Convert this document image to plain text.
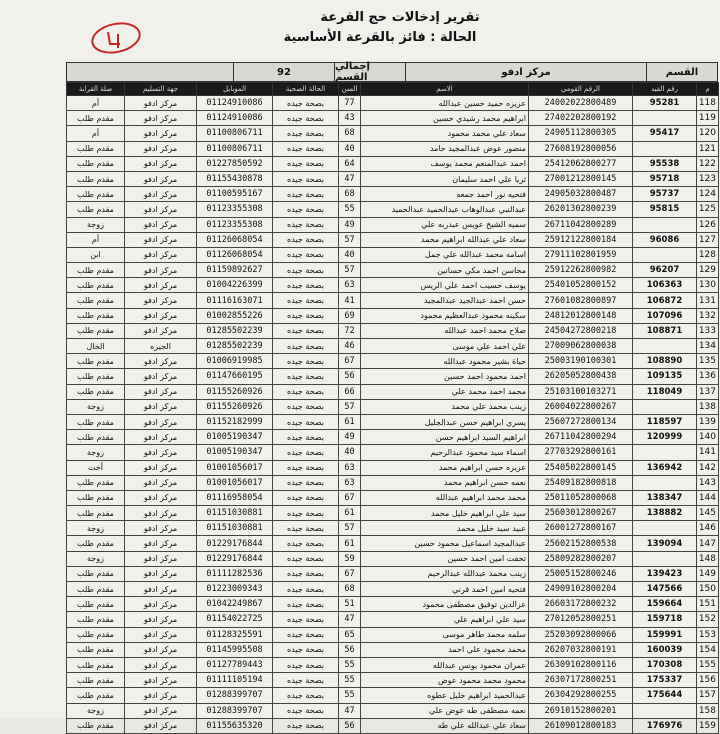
تقرير إدخالات حج القرعة
الحالة : فائز بالقرعة الأساسية
القسم
مركز ادفو
إجمالي القسم
92
م	رقم القيد	الرقم القومي	الاسم	السن	الحالة الصحية	الموبايل	جهة التسليم	صلة القرابة
118	95281	24002022800489	عزيزه حميد حسين عبدالله	77	بصحة جيده	01124910086	مركز ادفو	أم
119		27402202800192	ابراهيم محمد رشيدي حسين	43	بصحة جيده	01124910086	مركز ادفو	مقدم طلب
120	95417	24905112800305	سعاد علي محمد محمود	68	بصحة جيده	01100806711	مركز ادفو	أم
121		27608192800056	منصور عوض عبدالمجيد حامد	40	بصحة جيده	01100806711	مركز ادفو	مقدم طلب
122	95538	25412062800277	احمد عبدالمنعم محمد يوسف	64	بصحة جيده	01227850592	مركز ادفو	مقدم طلب
123	95718	27001212800145	ثريا علي احمد سليمان	47	بصحة جيده	01155430878	مركز ادفو	مقدم طلب
124	95737	24905032800487	فتحيه نور احمد جمعه	68	بصحة جيده	01100595167	مركز ادفو	مقدم طلب
125	95815	26201302800239	عبدالنبي عبدالوهاب عبدالحميد عبدالحميد	55	بصحة جيده	01123355308	مركز ادفو	مقدم طلب
126		26711042800289	سميه الشيخ عويس عبدربه علي	49	بصحة جيده	01123355308	مركز ادفو	زوجة
127	96086	25912122800184	سعاد علي عبدالله ابراهيم محمد	57	بصحة جيده	01126068054	مركز ادفو	أم
128		27911102801959	اسامه محمد عبدالله علي جمل	40	بصحة جيده	01126068054	مركز ادفو	ابن
129	96207	25912262800982	محاسن احمد مكي حسانين	57	بصحة جيده	01159892627	مركز ادفو	مقدم طلب
130	106363	25401052800152	يوسف حسيب احمد علي الريس	63	بصحة جيده	01004226399	مركز ادفو	مقدم طلب
131	106872	27601082800897	حسن احمد عبدالجيد عبدالمجيد	41	بصحة جيده	01116163071	مركز ادفو	مقدم طلب
132	107096	24812012800148	سكينه محمود عبدالعظيم محمود	69	بصحة جيده	01002855226	مركز ادفو	مقدم طلب
133	108871	24504272800218	صلاح محمد احمد عبدالله	72	بصحة جيده	01285502239	مركز ادفو	مقدم طلب
134		27009062800038	علي احمد علي موسى	46	بصحة جيده	01285502239	الجيزه	الخال
135	108890	25003190100301	حياة بشير محمود عبدالله	67	بصحة جيده	01006919985	مركز ادفو	مقدم طلب
136	109135	26205052800438	احمد محمود احمد حسين	56	بصحة جيده	01147660195	مركز ادفو	مقدم طلب
137	118049	25103100103271	محمد احمد محمد علي	66	بصحة جيده	01155260926	مركز ادفو	مقدم طلب
138		26004022800267	زينب محمد علي محمد	57	بصحة جيده	01155260926	مركز ادفو	زوجة
139	118597	25607272800134	يسري ابراهيم حسن عبدالجليل	61	بصحة جيده	01152182999	مركز ادفو	مقدم طلب
140	120999	26711042800294	ابراهيم السيد ابراهيم حسن	49	بصحة جيده	01005190347	مركز ادفو	مقدم طلب
141		27703292800161	اسماء سيد محمود عبدالرحيم	40	بصحة جيده	01005190347	مركز ادفو	زوجة
142	136942	25405022800145	عزيزه حسن ابراهيم محمد	63	بصحة جيده	01001056017	مركز ادفو	أخت
143		25409182800818	نعمه حسن ابراهيم محمد	63	بصحة جيده	01001056017	مركز ادفو	مقدم طلب
144	138347	25011052800068	محمد محمد ابراهيم عبدالله	67	بصحة جيده	01116958054	مركز ادفو	مقدم طلب
145	138882	25603012800267	سيد علي ابراهيم خليل محمد	61	بصحة جيده	01151030881	مركز ادفو	مقدم طلب
146		26001272800167	عبيد سيد خليل محمد	57	بصحة جيده	01151030881	مركز ادفو	زوجة
147	139094	25602152800538	عبدالمجيد اسماعيل محمود حسين	61	بصحة جيده	01229176844	مركز ادفو	مقدم طلب
148		25809282800207	تحفت امين احمد حسين	59	بصحة جيده	01229176844	مركز ادفو	زوجة
149	139423	25005152800246	زينب محمد عبدالله عبدالرحيم	67	بصحة جيده	01111282536	مركز ادفو	مقدم طلب
150	147566	24909102800204	فتحيه امين احمد قرني	68	بصحة جيده	01223009343	مركز ادفو	مقدم طلب
151	159664	26603172800232	عزالدين توفيق مصطفى محمود	51	بصحة جيده	01042249867	مركز ادفو	مقدم طلب
152	159718	27012052800251	سيد علي ابراهيم علي	47	بصحة جيده	01154022725	مركز ادفو	مقدم طلب
153	159991	25203092800066	سلمه محمد طاهر موسى	65	بصحة جيده	01128325591	مركز ادفو	مقدم طلب
154	160039	26207032800191	محمد محمود علي احمد	56	بصحة جيده	01145995508	مركز ادفو	مقدم طلب
155	170308	26309102800116	عمران محمود يونس عبدالله	55	بصحة جيده	01127789443	مركز ادفو	مقدم طلب
156	175337	26307172800251	محمود محمد محمود عوض	55	بصحة جيده	01111105194	مركز ادفو	مقدم طلب
157	175644	26304292800255	عبدالحميد ابراهيم خليل عطوه	55	بصحة جيده	01288399707	مركز ادفو	مقدم طلب
158		26910152800201	نعمه مصطفى طه عوض علي	47	بصحة جيده	01288399707	مركز ادفو	زوجة
159	176976	26109012800183	سعاد علي عبدالله علي طه	56	بصحة جيده	01155635320	مركز ادفو	مقدم طلب
